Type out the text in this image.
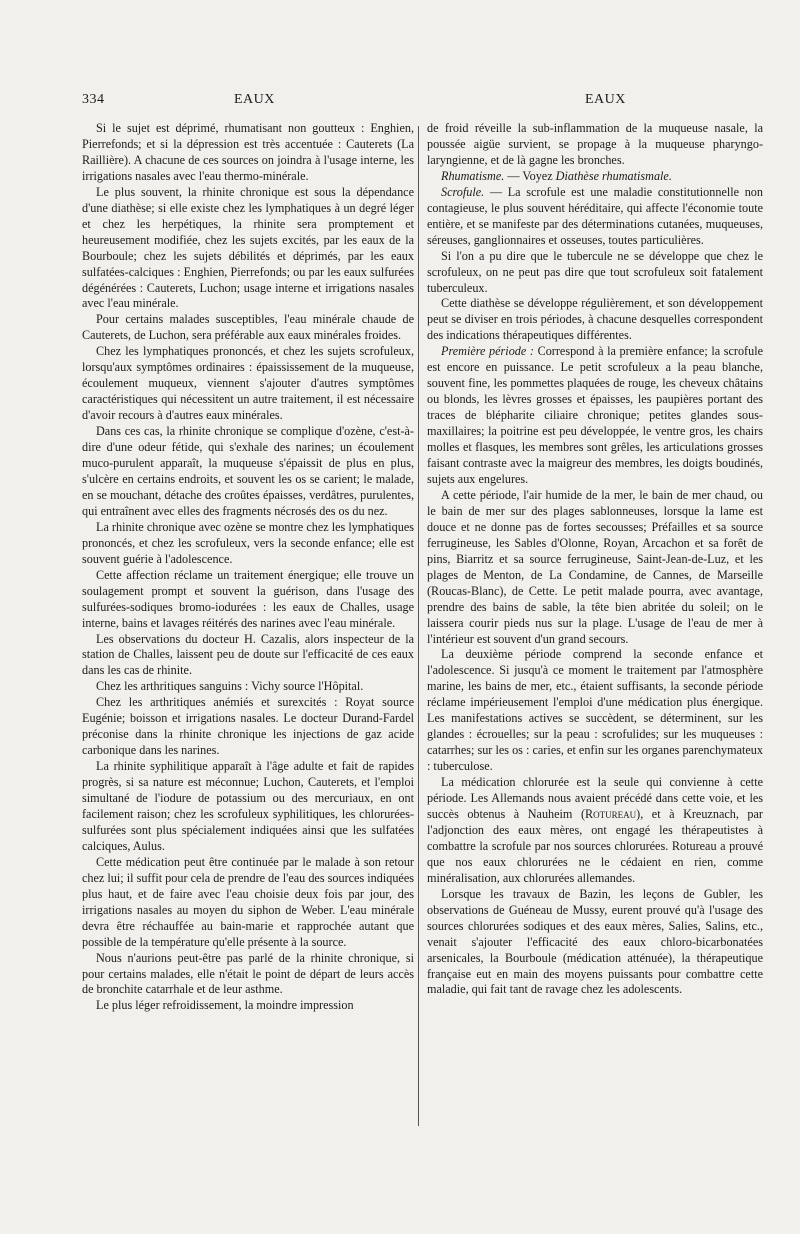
334	EAUX	EAUX

Si le sujet est déprimé, rhumatisant non goutteux : Enghien, Pierrefonds; et si la dépression est très accentuée : Cauterets (La Raillière). A chacune de ces sources on joindra à l'usage interne, les irrigations nasales avec l'eau thermo-minérale.

Le plus souvent, la rhinite chronique est sous la dépendance d'une diathèse; si elle existe chez les lymphatiques à un degré léger et chez les herpétiques, la rhinite sera promptement et heureusement modifiée, chez les sujets excités, par les eaux de la Bourboule; chez les sujets débilités et déprimés, par les eaux sulfatées-calciques : Enghien, Pierrefonds; ou par les eaux sulfurées dégénérées : Cauterets, Luchon; usage interne et irrigations nasales avec l'eau minérale.

Pour certains malades susceptibles, l'eau minérale chaude de Cauterets, de Luchon, sera préférable aux eaux minérales froides.

Chez les lymphatiques prononcés, et chez les sujets scrofuleux, lorsqu'aux symptômes ordinaires : épaississement de la muqueuse, écoulement muqueux, viennent s'ajouter d'autres symptômes caractéristiques qui nécessitent un autre traitement, il est nécessaire d'avoir recours à d'autres eaux minérales.

Dans ces cas, la rhinite chronique se complique d'ozène, c'est-à-dire d'une odeur fétide, qui s'exhale des narines; un écoulement muco-purulent apparaît, la muqueuse s'épaissit de plus en plus, s'ulcère en certains endroits, et souvent les os se carient; le malade, en se mouchant, détache des croûtes épaisses, verdâtres, purulentes, qui entraînent avec elles des fragments nécrosés des os du nez.

La rhinite chronique avec ozène se montre chez les lymphatiques prononcés, et chez les scrofuleux, vers la seconde enfance; elle est souvent guérie à l'adolescence.

Cette affection réclame un traitement énergique; elle trouve un soulagement prompt et souvent la guérison, dans l'usage des sulfurées-sodiques bromo-iodurées : les eaux de Challes, usage interne, bains et lavages réitérés des narines avec l'eau minérale.

Les observations du docteur H. Cazalis, alors inspecteur de la station de Challes, laissent peu de doute sur l'efficacité de ces eaux dans les cas de rhinite.

Chez les arthritiques sanguins : Vichy source l'Hôpital.

Chez les arthritiques anémiés et surexcités : Royat source Eugénie; boisson et irrigations nasales. Le docteur Durand-Fardel préconise dans la rhinite chronique les injections de gaz acide carbonique dans les narines.

La rhinite syphilitique apparaît à l'âge adulte et fait de rapides progrès, si sa nature est méconnue; Luchon, Cauterets, et l'emploi simultané de l'iodure de potassium ou des mercuriaux, en ont facilement raison; chez les scrofuleux syphilitiques, les chlorurées-sulfurées sont plus spécialement indiquées ainsi que les sulfatées calciques, Aulus.

Cette médication peut être continuée par le malade à son retour chez lui; il suffit pour cela de prendre de l'eau des sources indiquées plus haut, et de faire avec l'eau choisie deux fois par jour, des irrigations nasales au moyen du siphon de Weber. L'eau minérale devra être réchauffée au bain-marie et rapprochée autant que possible de la température qu'elle présente à la source.

Nous n'aurions peut-être pas parlé de la rhinite chronique, si pour certains malades, elle n'était le point de départ de leurs accès de bronchite catarrhale et de leur asthme.

Le plus léger refroidissement, la moindre impression

de froid réveille la sub-inflammation de la muqueuse nasale, la poussée aigüe survient, se propage à la muqueuse pharyngo-laryngienne, et de là gagne les bronches.

Rhumatisme. — Voyez Diathèse rhumatismale.

Scrofule. — La scrofule est une maladie constitutionnelle non contagieuse, le plus souvent héréditaire, qui affecte l'économie toute entière, et se manifeste par des déterminations cutanées, muqueuses, séreuses, ganglionnaires et osseuses, toutes particulières.

Si l'on a pu dire que le tubercule ne se développe que chez le scrofuleux, on ne peut pas dire que tout scrofuleux soit fatalement tuberculeux.

Cette diathèse se développe régulièrement, et son développement peut se diviser en trois périodes, à chacune desquelles correspondent des indications thérapeutiques différentes.

Première période : Correspond à la première enfance; la scrofule est encore en puissance. Le petit scrofuleux a la peau blanche, souvent fine, les pommettes plaquées de rouge, les cheveux châtains ou blonds, les lèvres grosses et épaisses, les paupières portant des traces de blépharite ciliaire chronique; petites glandes sous-maxillaires; la poitrine est peu développée, le ventre gros, les chairs molles et flasques, les membres sont grêles, les articulations grosses faisant contraste avec la maigreur des membres, les doigts boudinés, sujets aux engelures.

A cette période, l'air humide de la mer, le bain de mer chaud, ou le bain de mer sur des plages sablonneuses, lorsque la lame est douce et ne donne pas de fortes secousses; Préfailles et sa source ferrugineuse, les Sables d'Olonne, Royan, Arcachon et sa forêt de pins, Biarritz et sa source ferrugineuse, Saint-Jean-de-Luz, et les plages de Menton, de La Condamine, de Cannes, de Marseille (Roucas-Blanc), de Cette. Le petit malade pourra, avec avantage, prendre des bains de sable, la tête bien abritée du soleil; on le laissera courir pieds nus sur la plage. L'usage de l'eau de mer à l'intérieur est souvent d'un grand secours.

La deuxième période comprend la seconde enfance et l'adolescence. Si jusqu'à ce moment le traitement par l'atmosphère marine, les bains de mer, etc., étaient suffisants, la seconde période réclame impérieusement l'emploi d'une médication plus énergique. Les manifestations actives se succèdent, se déterminent, sur les glandes : écrouelles; sur la peau : scrofulides; sur les muqueuses : catarrhes; sur les os : caries, et enfin sur les organes parenchymateux : tuberculose.

La médication chlorurée est la seule qui convienne à cette période. Les Allemands nous avaient précédé dans cette voie, et les succès obtenus à Nauheim (Rotureau), et à Kreuznach, par l'adjonction des eaux mères, ont engagé les thérapeutistes à combattre la scrofule par nos sources chlorurées. Rotureau a prouvé que nos eaux chlorurées ne le cédaient en rien, comme minéralisation, aux chlorurées allemandes.

Lorsque les travaux de Bazin, les leçons de Gubler, les observations de Guéneau de Mussy, eurent prouvé qu'à l'usage des sources chlorurées sodiques et des eaux mères, Salies, Salins, etc., venait s'ajouter l'efficacité des eaux chloro-bicarbonatées arsenicales, la Bourboule (médication atténuée), la thérapeutique française eut en main des moyens puissants pour combattre cette maladie, qui fait tant de ravage chez les adolescents.
